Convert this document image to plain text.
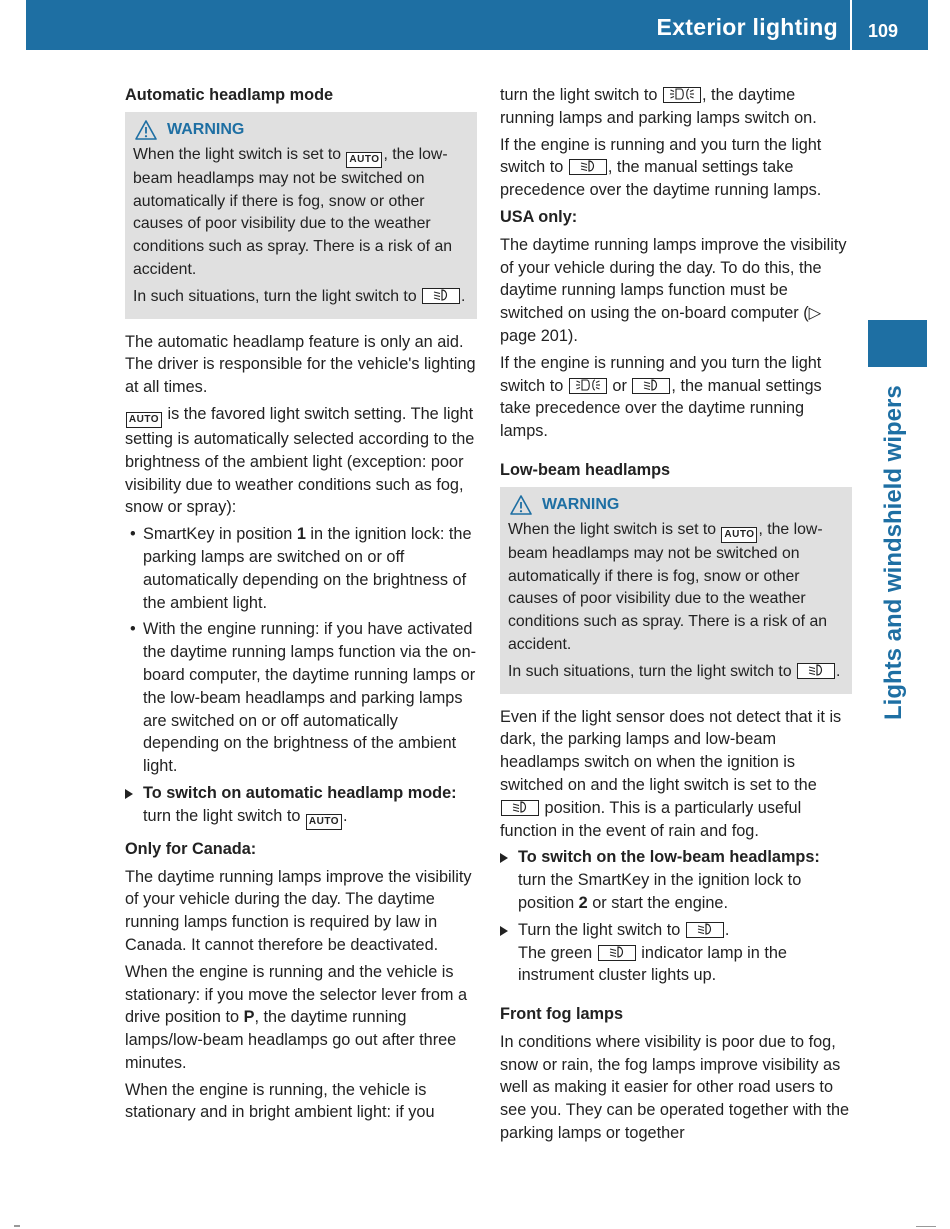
Exterior lighting 109
Lights and windshield wipers
Automatic headlamp mode
WARNING

When the light switch is set to AUTO , the low-beam headlamps may not be switched on automatically if there is fog, snow or other causes of poor visibility due to the weather conditions such as spray. There is a risk of an accident.

In such situations, turn the light switch to	.

The automatic headlamp feature is only an aid. The driver is responsible for the vehicle's lighting at all times.

AUTO is the favored light switch setting. The light setting is automatically selected according to the brightness of the ambient light (exception: poor visibility due to weather conditions such as fog, snow or spray):

• SmartKey in position 1 in the ignition lock: the parking lamps are switched on or off automatically depending on the brightness of the ambient light.
• With the engine running: if you have activated the daytime running lamps function via the on-board computer, the daytime running lamps or the low-beam headlamps and parking lamps are switched on or off automatically depending on the brightness of the ambient light.
To switch on automatic headlamp mode: turn the light switch to AUTO .
Only for Canada:

The daytime running lamps improve the visibility of your vehicle during the day. The daytime running lamps function is required by law in Canada. It cannot therefore be deactivated.

When the engine is running and the vehicle is stationary: if you move the selector lever from a drive position to P, the daytime running lamps/low-beam headlamps go out after three minutes.

When the engine is running, the vehicle is stationary and in bright ambient light: if you

turn the light switch to
, the daytime running lamps and parking lamps switch on.

If the engine is running and you turn the light switch to
, the manual settings take precedence over the daytime running lamps.

USA only:

The daytime running lamps improve the visibility of your vehicle during the day. To do this, the daytime running lamps function must be switched on using the on-board computer (▷ page 201).

If the engine is running and you turn the light switch to
or
, the manual settings take precedence over the daytime running lamps.

Low-beam headlamps
WARNING

When the light switch is set to AUTO , the low-beam headlamps may not be switched on automatically if there is fog, snow or other causes of poor visibility due to the weather conditions such as spray. There is a risk of an accident.

In such situations, turn the light switch to	.

Even if the light sensor does not detect that it is dark, the parking lamps and low-beam headlamps switch on when the ignition is switched on and the light switch is set to the
position. This is a particularly useful function in the event of rain and fog.

To switch on the low-beam headlamps: turn the SmartKey in the ignition lock to position 2 or start the engine.
Turn the light switch to
.
The green
indicator lamp in the instrument cluster lights up.
Front fog lamps

In conditions where visibility is poor due to fog, snow or rain, the fog lamps improve visibility as well as making it easier for other road users to see you. They can be operated together with the parking lamps or together
